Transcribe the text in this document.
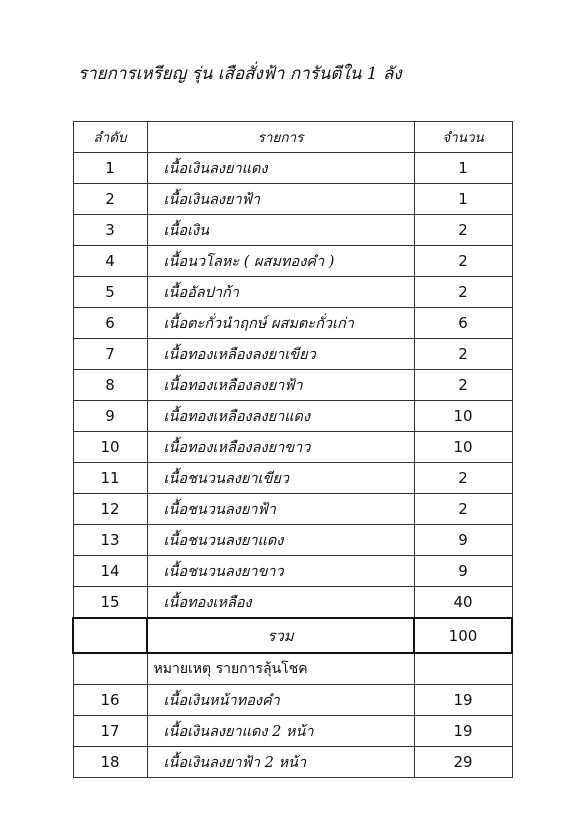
รายการเหรียญ รุ่น เสือสั่งฟ้า การันตีใน 1 ลัง
ลำดับ	รายการ	จำนวน
1	เนื้อเงินลงยาแดง	1
2	เนื้อเงินลงยาฟ้า	1
3	เนื้อเงิน	2
4	เนื้อนวโลหะ ( ผสมทองคำ )	2
5	เนื้ออัลปาก้า	2
6	เนื้อตะกั่วนำฤกษ์ ผสมตะกั่วเก่า	6
7	เนื้อทองเหลืองลงยาเขียว	2
8	เนื้อทองเหลืองลงยาฟ้า	2
9	เนื้อทองเหลืองลงยาแดง	10
10	เนื้อทองเหลืองลงยาขาว	10
11	เนื้อชนวนลงยาเขียว	2
12	เนื้อชนวนลงยาฟ้า	2
13	เนื้อชนวนลงยาแดง	9
14	เนื้อชนวนลงยาขาว	9
15	เนื้อทองเหลือง	40
	รวม	100
	หมายเหตุ รายการลุ้นโชค	
16	เนื้อเงินหน้าทองคำ	19
17	เนื้อเงินลงยาแดง 2 หน้า	19
18	เนื้อเงินลงยาฟ้า 2 หน้า	29
